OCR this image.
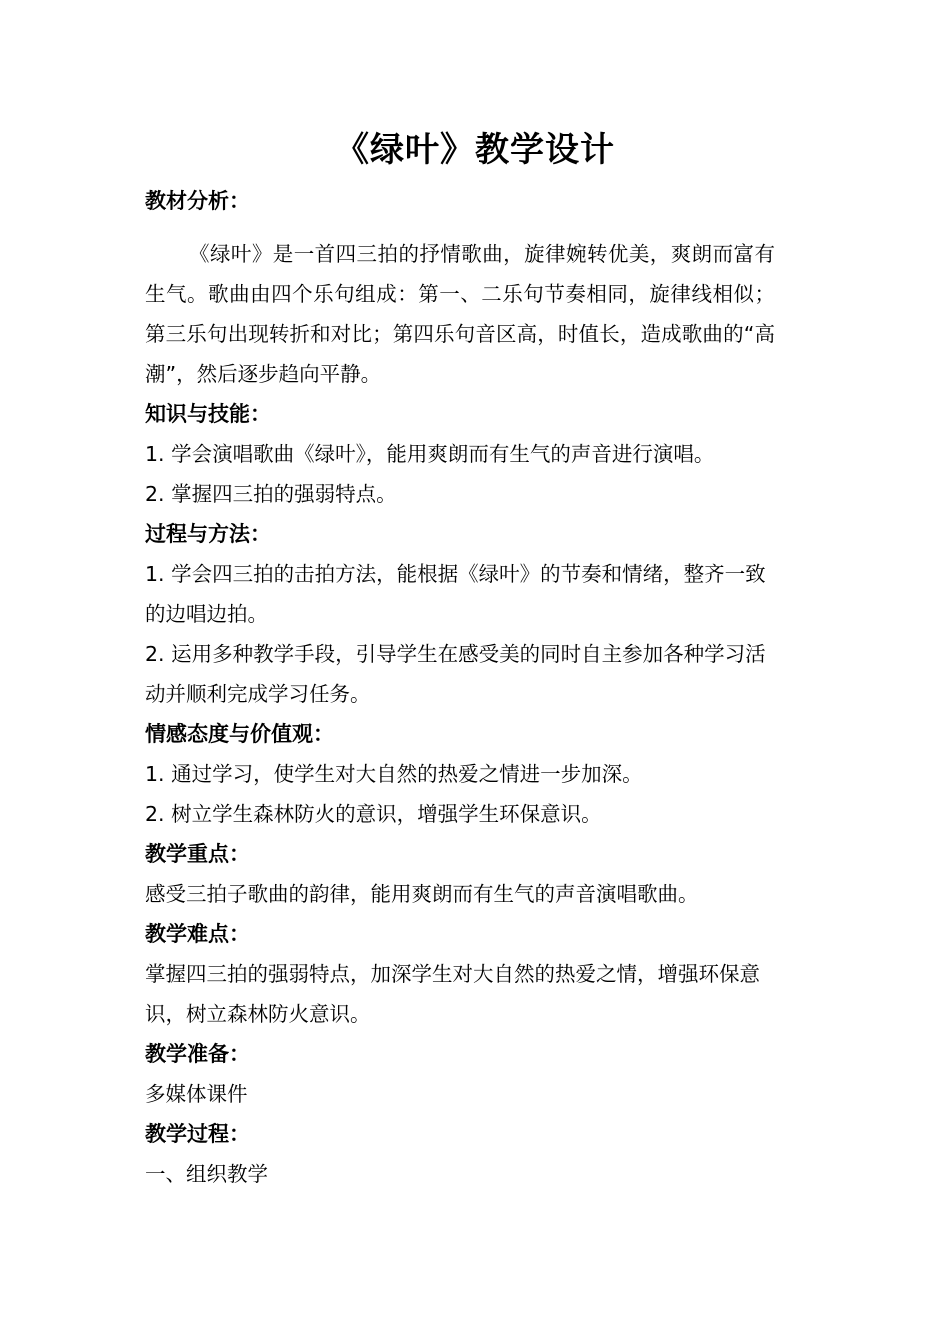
《绿叶》教学设计
教材分析：

《绿叶》是一首四三拍的抒情歌曲，旋律婉转优美，爽朗而富有生气。歌曲由四个乐句组成：第一、二乐句节奏相同，旋律线相似；第三乐句出现转折和对比；第四乐句音区高，时值长，造成歌曲的“高潮”，然后逐步趋向平静。

知识与技能：
1. 学会演唱歌曲《绿叶》，能用爽朗而有生气的声音进行演唱。
2. 掌握四三拍的强弱特点。
过程与方法：

1. 学会四三拍的击拍方法，能根据《绿叶》的节奏和情绪，整齐一致的边唱边拍。

2. 运用多种教学手段，引导学生在感受美的同时自主参加各种学习活动并顺利完成学习任务。

情感态度与价值观：
1. 通过学习，使学生对大自然的热爱之情进一步加深。
2. 树立学生森林防火的意识，增强学生环保意识。
教学重点：
感受三拍子歌曲的韵律，能用爽朗而有生气的声音演唱歌曲。
教学难点：

掌握四三拍的强弱特点，加深学生对大自然的热爱之情，增强环保意识，树立森林防火意识。

教学准备：
多媒体课件
教学过程：
一、组织教学
